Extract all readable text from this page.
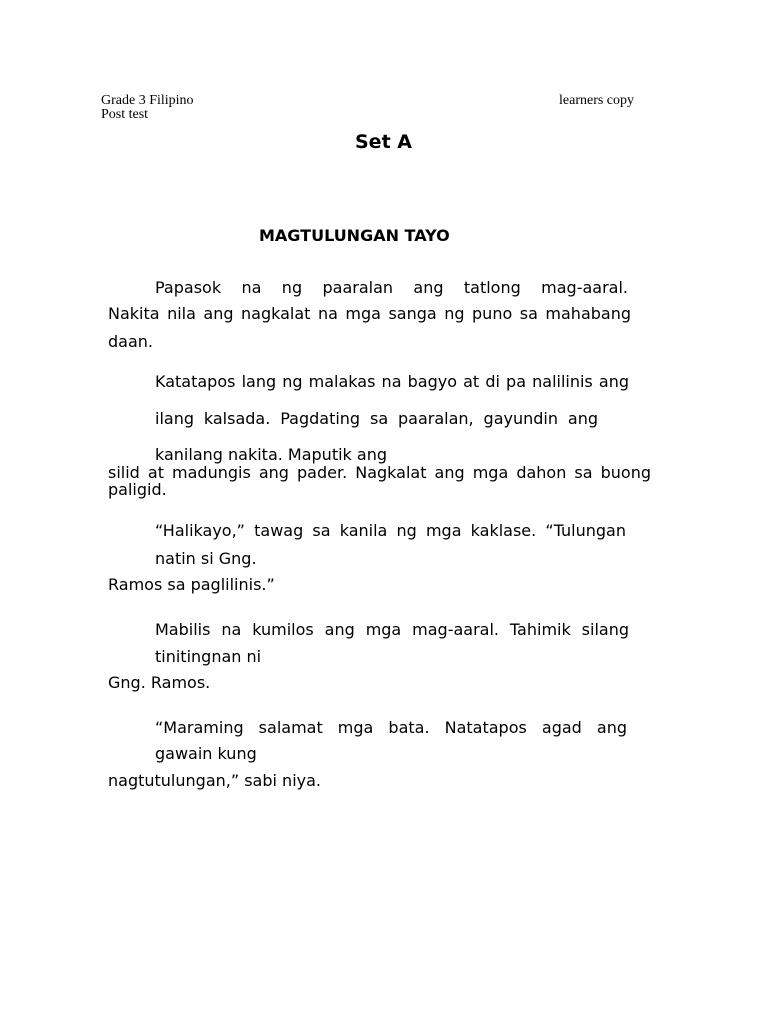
Grade 3 Filipino
Post test
learners copy
Set A
MAGTULUNGAN TAYO
Papasok na ng paaralan ang tatlong mag-aaral.
Nakita nila ang nagkalat na mga sanga ng puno sa mahabang
daan.
Katatapos lang ng malakas na bagyo at di pa nalilinis ang
ilang kalsada. Pagdating sa paaralan, gayundin ang
kanilang nakita. Maputik ang
silid at madungis ang pader. Nagkalat ang mga dahon sa buong
paligid.
“Halikayo,” tawag sa kanila ng mga kaklase. “Tulungan
natin si Gng.
Ramos sa paglilinis.”
Mabilis na kumilos ang mga mag-aaral. Tahimik silang
tinitingnan ni
Gng. Ramos.
“Maraming salamat mga bata. Natatapos agad ang
gawain kung
nagtutulungan,” sabi niya.
